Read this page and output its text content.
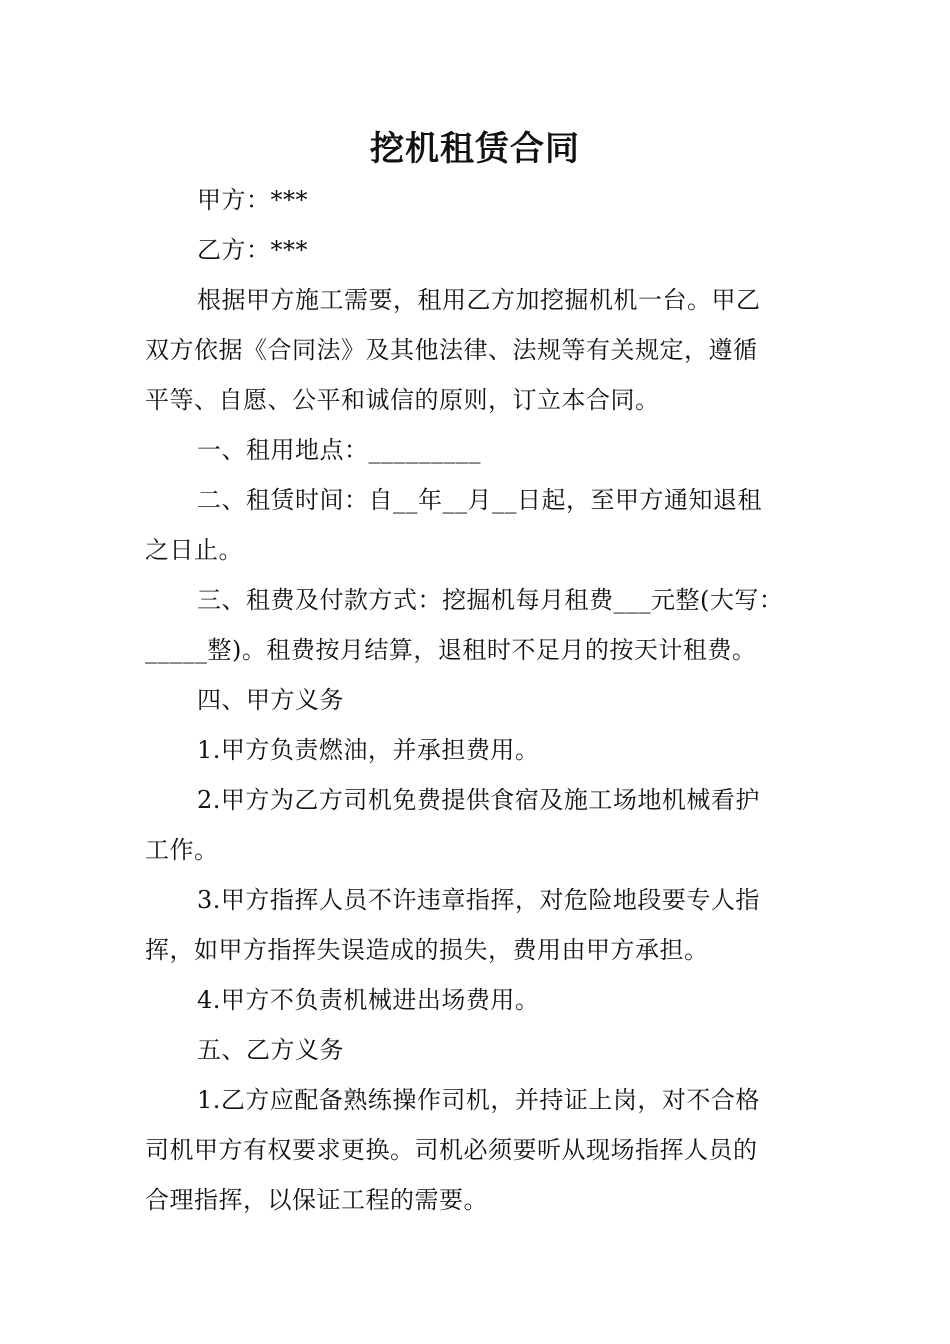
挖机租赁合同

甲方：***

乙方：***

根据甲方施工需要，租用乙方加挖掘机机一台。甲乙
双方依据《合同法》及其他法律、法规等有关规定，遵循
平等、自愿、公平和诚信的原则，订立本合同。

一、租用地点：_________

二、租赁时间：自__年__月__日起，至甲方通知退租
之日止。

三、租费及付款方式：挖掘机每月租费___元整(大写：
_____整)。租费按月结算，退租时不足月的按天计租费。

四、甲方义务

1.甲方负责燃油，并承担费用。

2.甲方为乙方司机免费提供食宿及施工场地机械看护
工作。

3.甲方指挥人员不许违章指挥，对危险地段要专人指
挥，如甲方指挥失误造成的损失，费用由甲方承担。

4.甲方不负责机械进出场费用。

五、乙方义务

1.乙方应配备熟练操作司机，并持证上岗，对不合格
司机甲方有权要求更换。司机必须要听从现场指挥人员的
合理指挥，以保证工程的需要。
